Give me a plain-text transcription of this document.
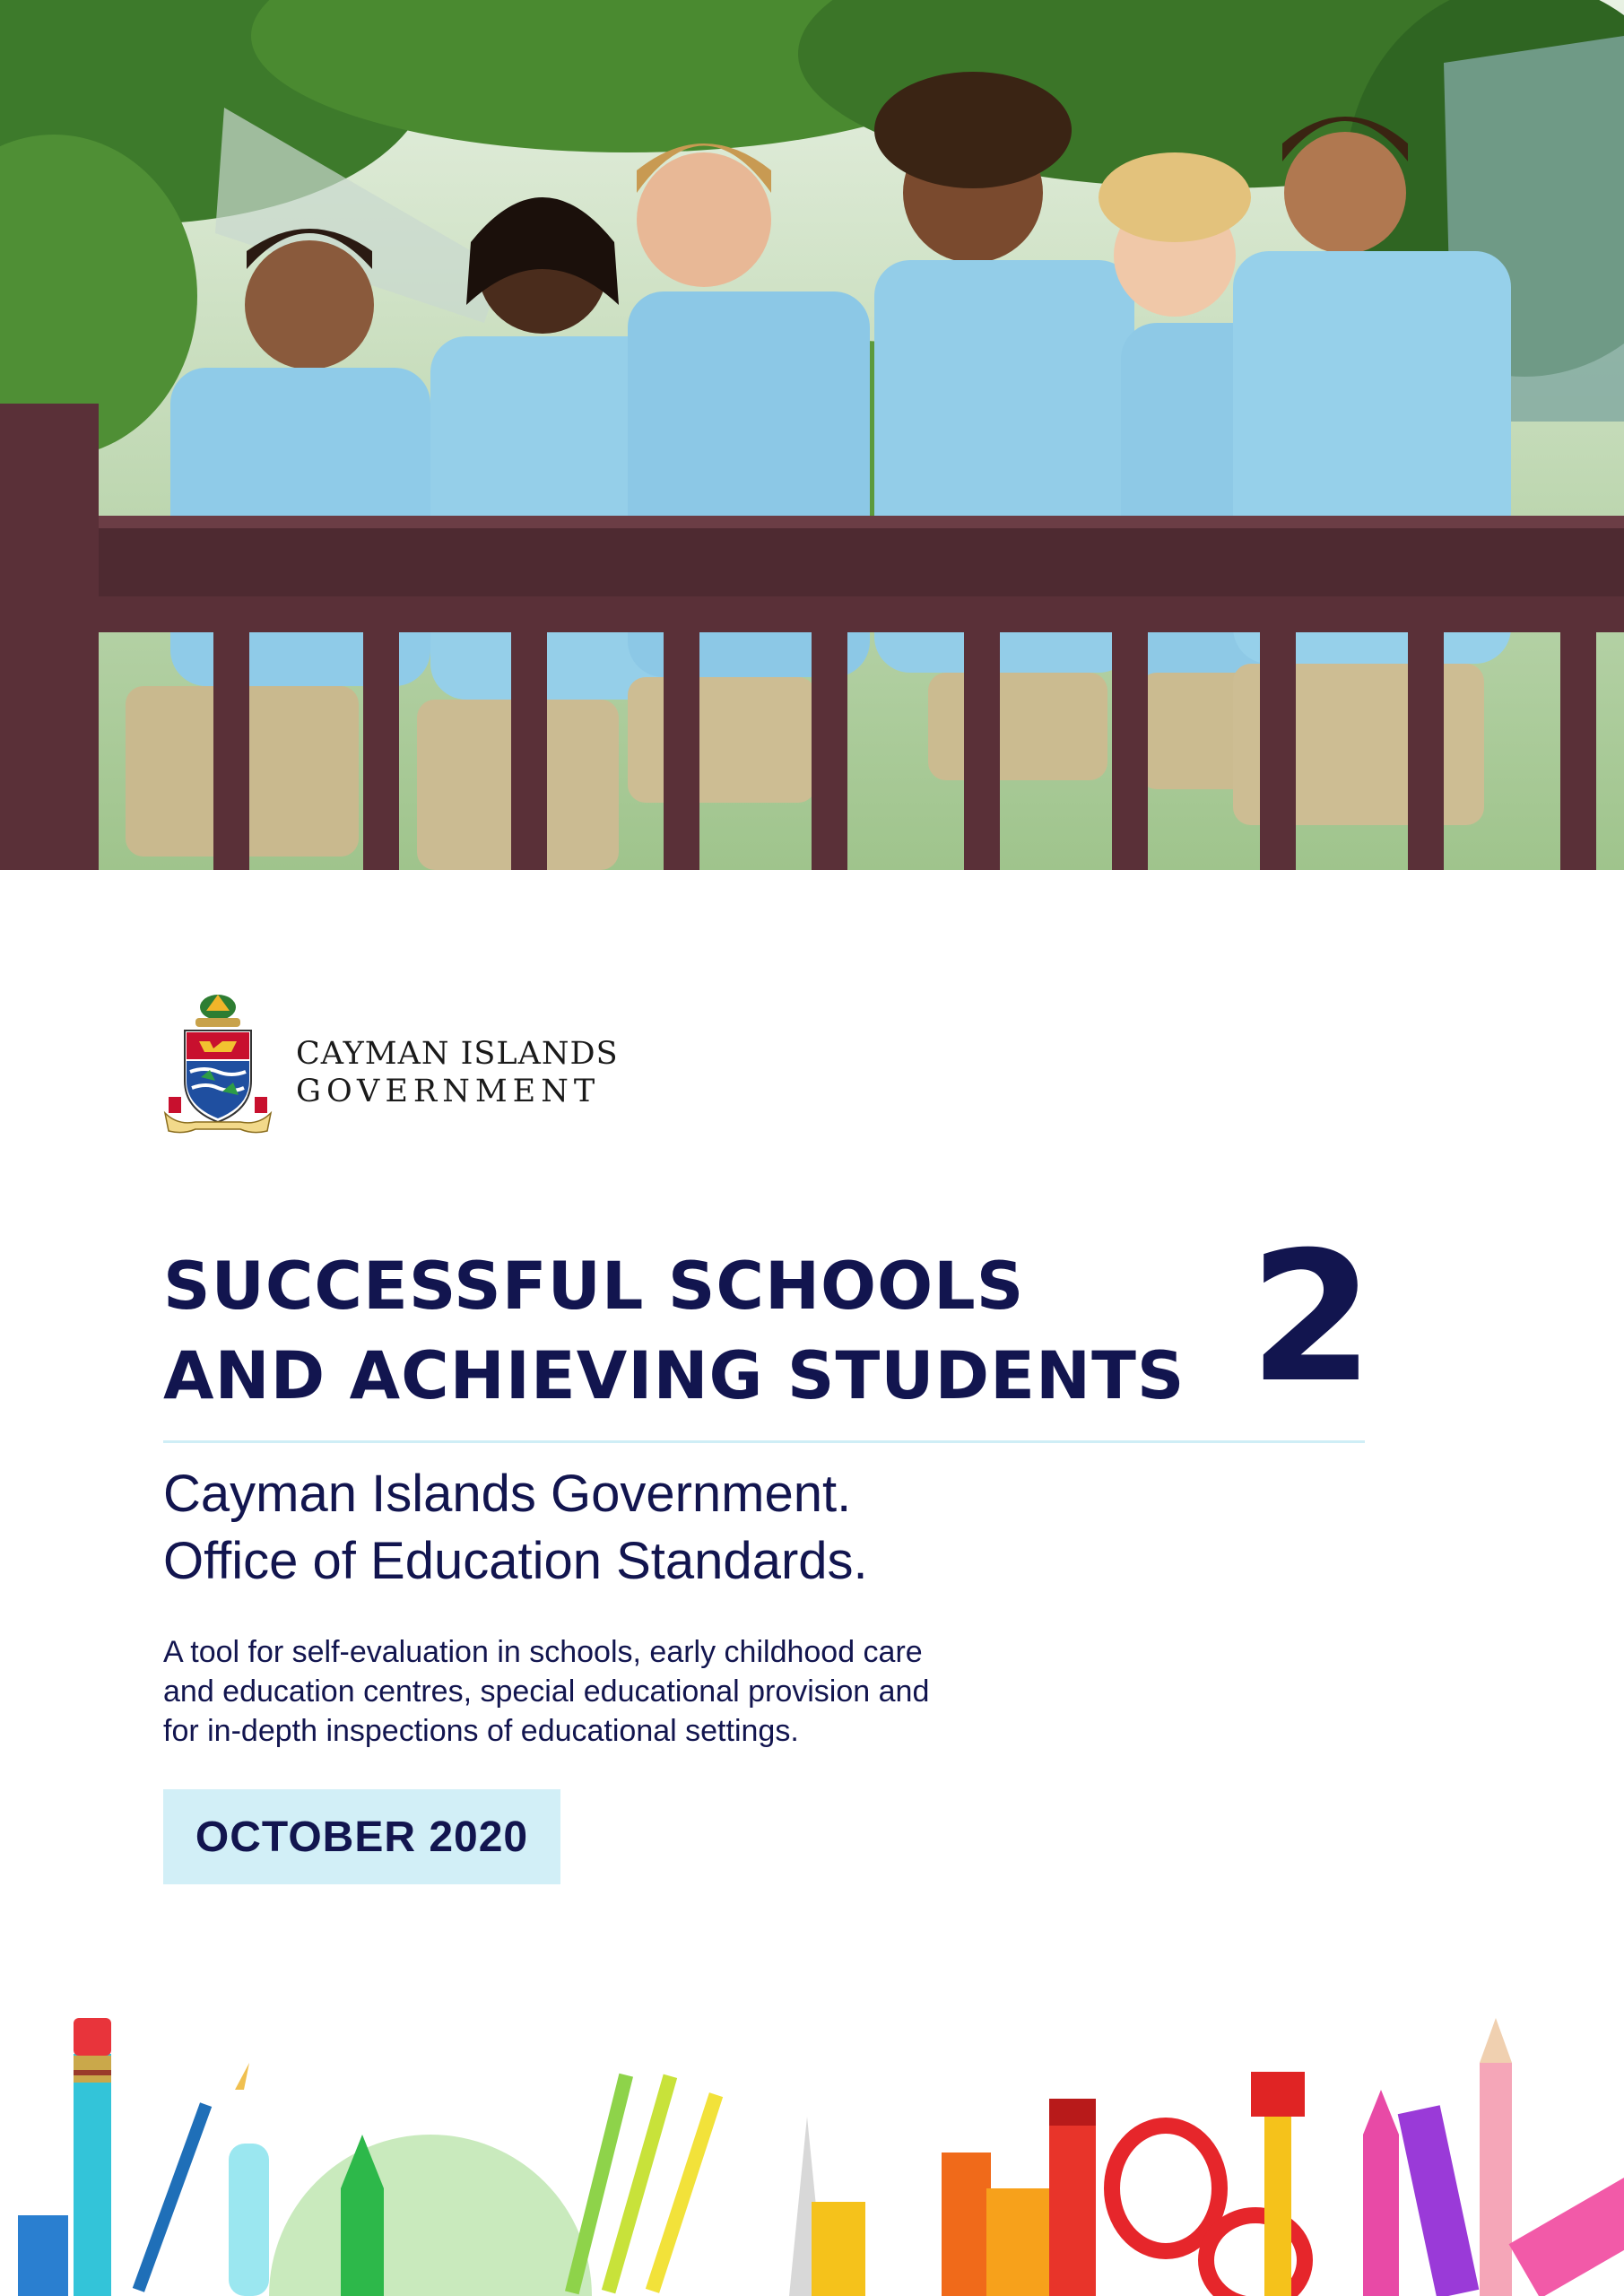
CAYMAN ISLANDS
GOVERNMENT
SUCCESSFUL SCHOOLS
AND ACHIEVING STUDENTS 2
Cayman Islands Government.
Office of Education Standards.
A tool for self-evaluation in schools, early childhood care
and education centres, special educational provision and
for in-depth inspections of educational settings.
OCTOBER 2020
